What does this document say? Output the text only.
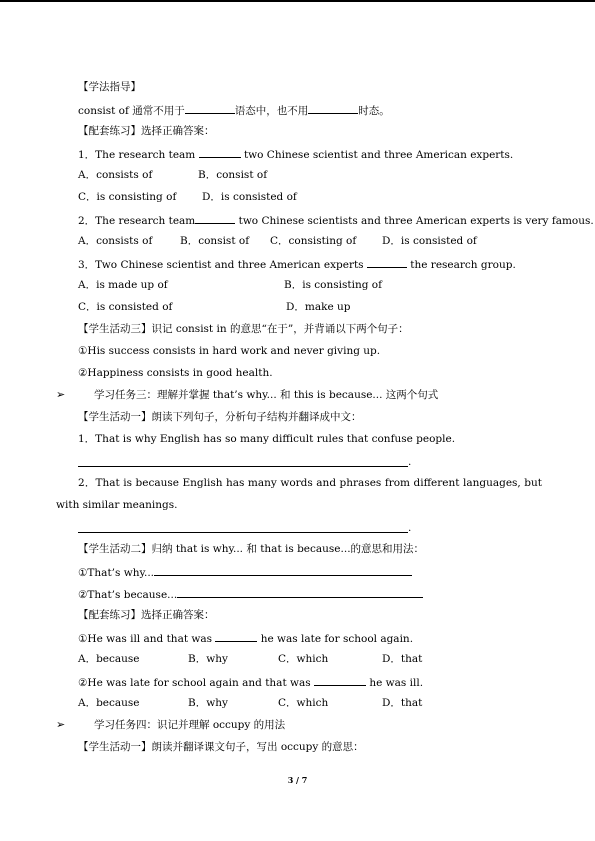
【学法指导】
consist of 通常不用于	语态中，也不用	时态。
【配套练习】选择正确答案：
1．The research team	two Chinese scientist and three American experts.
A．consists of	B．consist of
C．is consisting of D．is consisted of
2．The research team	two Chinese scientists and three American experts is very famous.
A．consists of	B．consist of C．consisting of D．is consisted of
3．Two Chinese scientist and three American experts	the research group.
A．is made up of	B．is consisting of
C．is consisted of	D．make up
【学生活动三】识记 consist in 的意思“在于”，并背诵以下两个句子：
①His success consists in hard work and never giving up.
②Happiness consists in good health.
➢	学习任务三：理解并掌握 that’s why... 和 this is because... 这两个句式
【学生活动一】朗读下列句子，分析句子结构并翻译成中文：
1．That is why English has so many difficult rules that confuse people.
.
2．That is because English has many words and phrases from different languages, but with similar meanings.
.
【学生活动二】归纳 that is why... 和 that is because...的意思和用法：
①That’s why...
②That’s because...
【配套练习】选择正确答案：
①He was ill and that was	he was late for school again.
A．because	B．why	C．which	D．that
②He was late for school again and that was	he was ill.
A．because	B．why	C．which	D．that
➢	学习任务四：识记并理解 occupy 的用法
【学生活动一】朗读并翻译课文句子，写出 occupy 的意思：
3 / 7
